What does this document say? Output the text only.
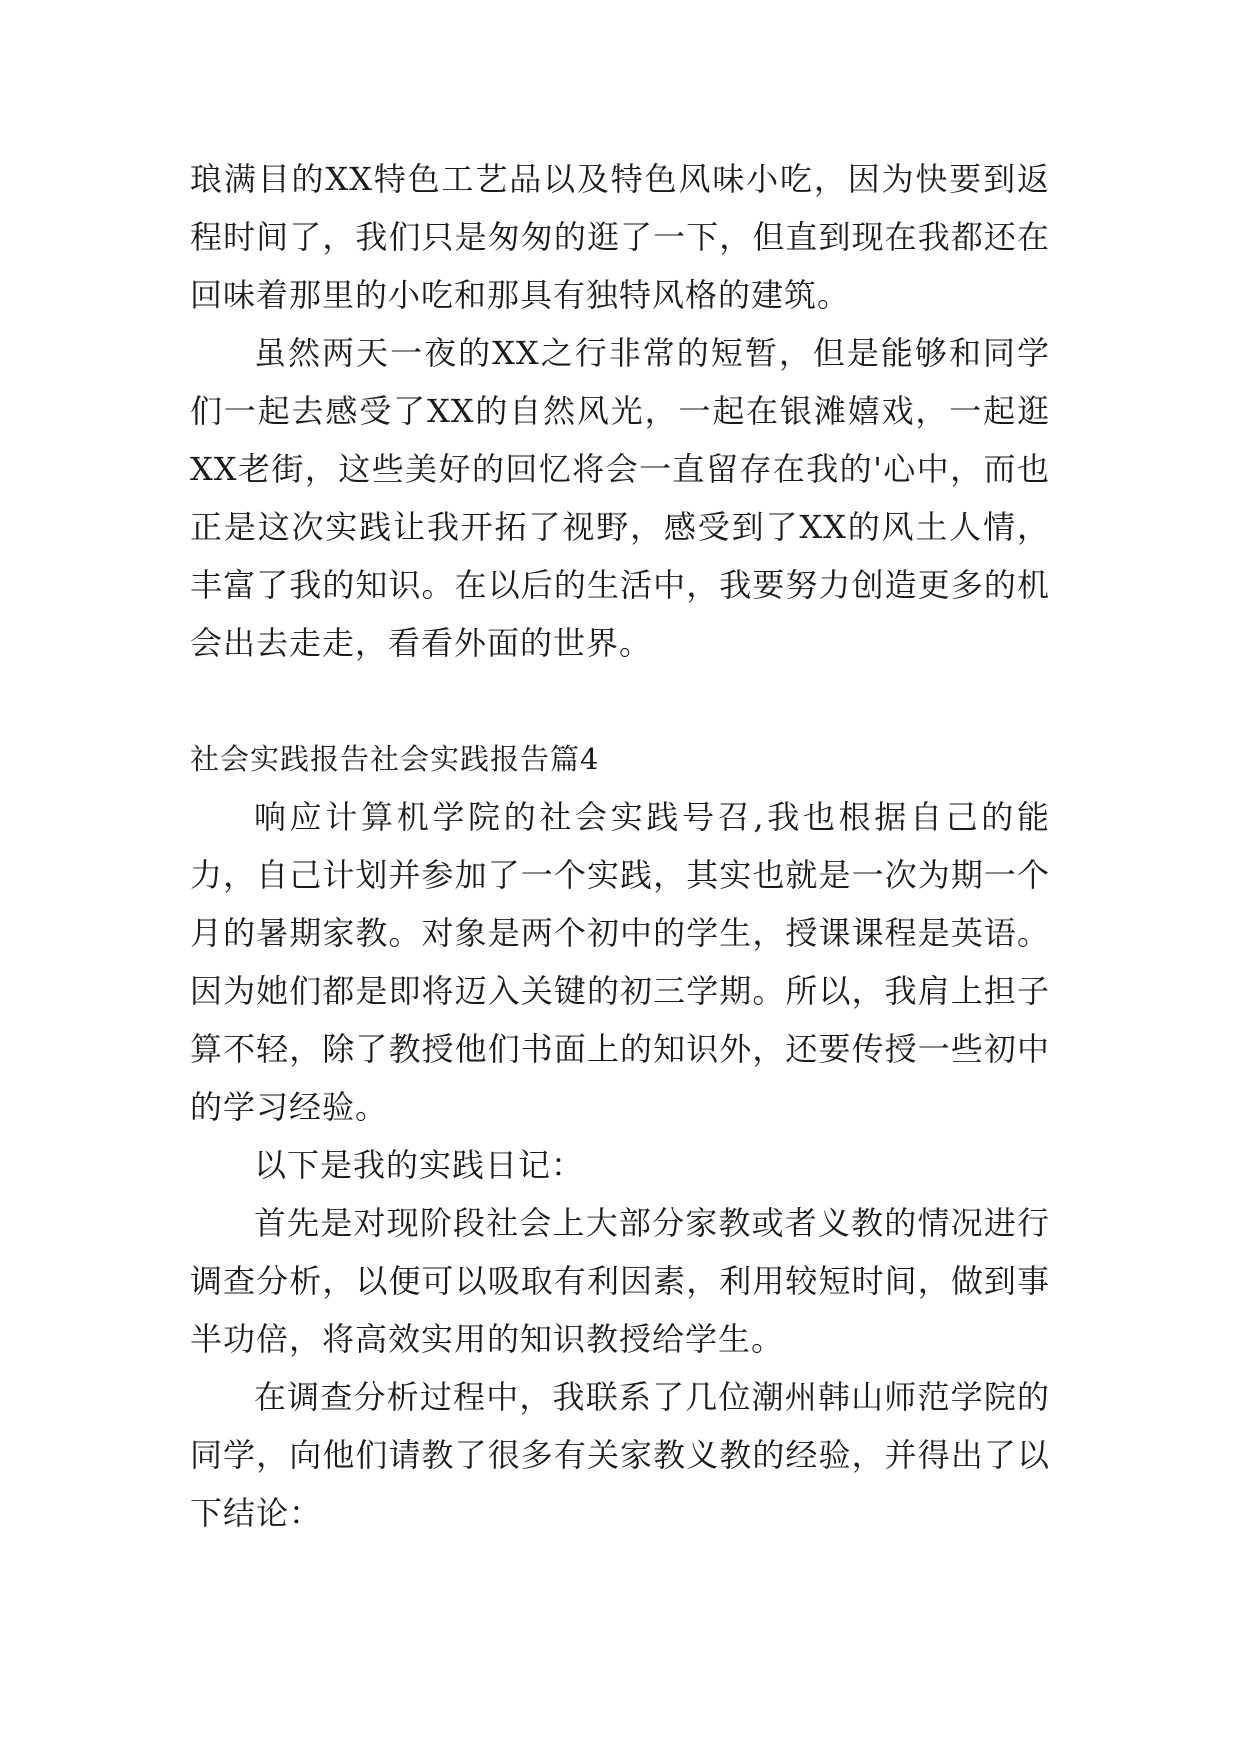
琅满目的XX特色工艺品以及特色风味小吃，因为快要到返程时间了，我们只是匆匆的逛了一下，但直到现在我都还在回味着那里的小吃和那具有独特风格的建筑。

虽然两天一夜的XX之行非常的短暂，但是能够和同学们一起去感受了XX的自然风光，一起在银滩嬉戏，一起逛XX老街，这些美好的回忆将会一直留存在我的'心中，而也正是这次实践让我开拓了视野，感受到了XX的风土人情，丰富了我的知识。在以后的生活中，我要努力创造更多的机会出去走走，看看外面的世界。

社会实践报告社会实践报告篇4

响应计算机学院的社会实践号召,我也根据自己的能力，自己计划并参加了一个实践，其实也就是一次为期一个月的暑期家教。对象是两个初中的学生，授课课程是英语。因为她们都是即将迈入关键的初三学期。所以，我肩上担子算不轻，除了教授他们书面上的知识外，还要传授一些初中的学习经验。

以下是我的实践日记：

首先是对现阶段社会上大部分家教或者义教的情况进行调查分析，以便可以吸取有利因素，利用较短时间，做到事半功倍，将高效实用的知识教授给学生。

在调查分析过程中，我联系了几位潮州韩山师范学院的同学，向他们请教了很多有关家教义教的经验，并得出了以下结论：
